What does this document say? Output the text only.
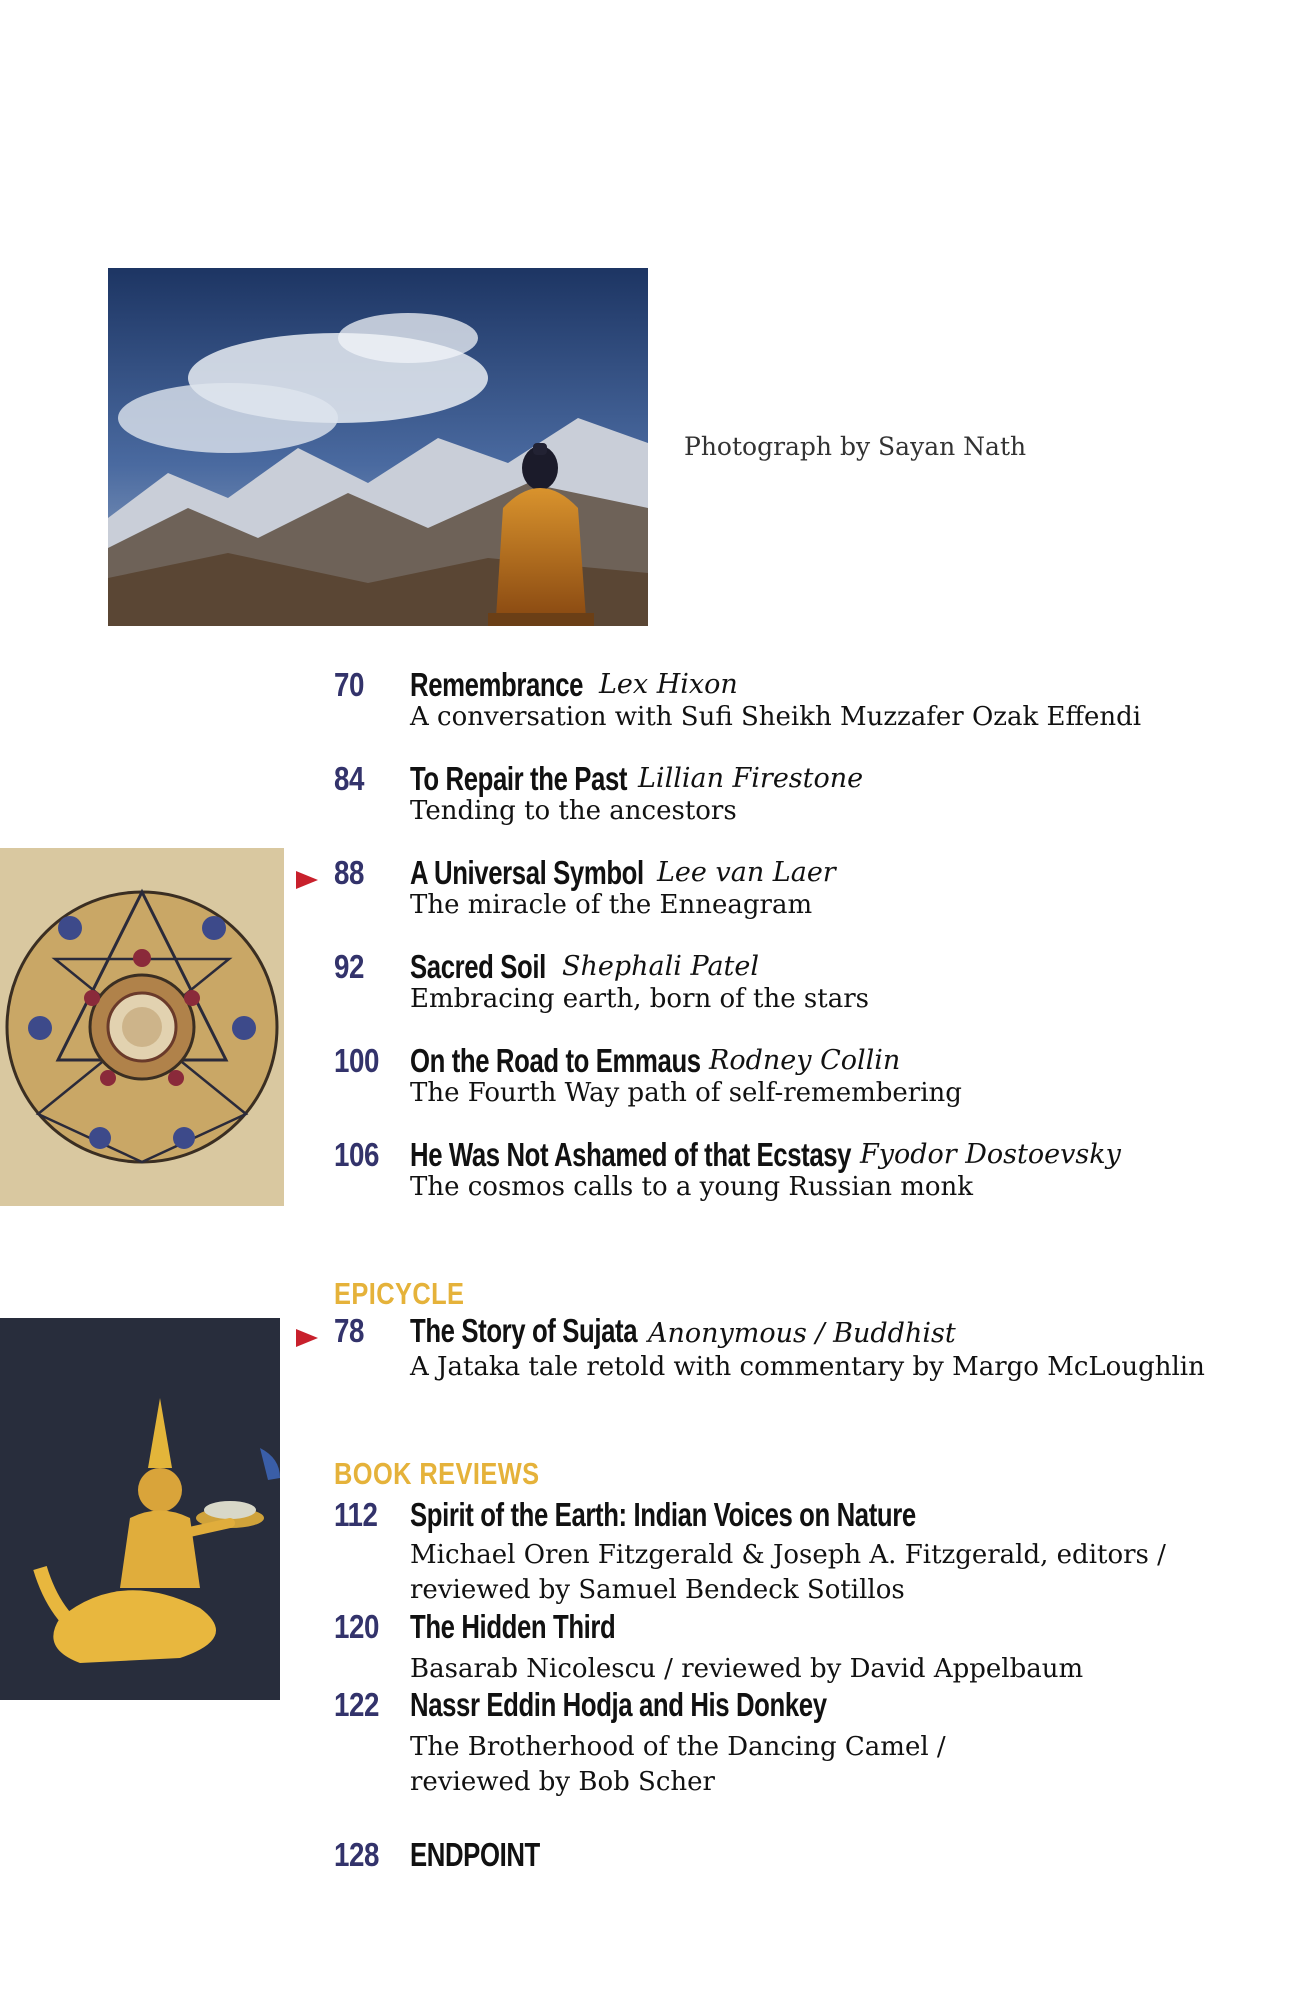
Photograph by Sayan Nath
70 Remembrance Lex Hixon
A conversation with Sufi Sheikh Muzzafer Ozak Effendi
84 To Repair the Past Lillian Firestone
Tending to the ancestors
88 A Universal Symbol Lee van Laer
The miracle of the Enneagram
92 Sacred Soil Shephali Patel
Embracing earth, born of the stars
100 On the Road to Emmaus Rodney Collin
The Fourth Way path of self-remembering
106 He Was Not Ashamed of that Ecstasy Fyodor Dostoevsky
The cosmos calls to a young Russian monk
EPICYCLE
78 The Story of Sujata Anonymous / Buddhist
A Jataka tale retold with commentary by Margo McLoughlin
BOOK REVIEWS
112 Spirit of the Earth: Indian Voices on Nature
Michael Oren Fitzgerald & Joseph A. Fitzgerald, editors /
reviewed by Samuel Bendeck Sotillos
120 The Hidden Third
Basarab Nicolescu / reviewed by David Appelbaum
122 Nassr Eddin Hodja and His Donkey
The Brotherhood of the Dancing Camel /
reviewed by Bob Scher
128 ENDPOINT
